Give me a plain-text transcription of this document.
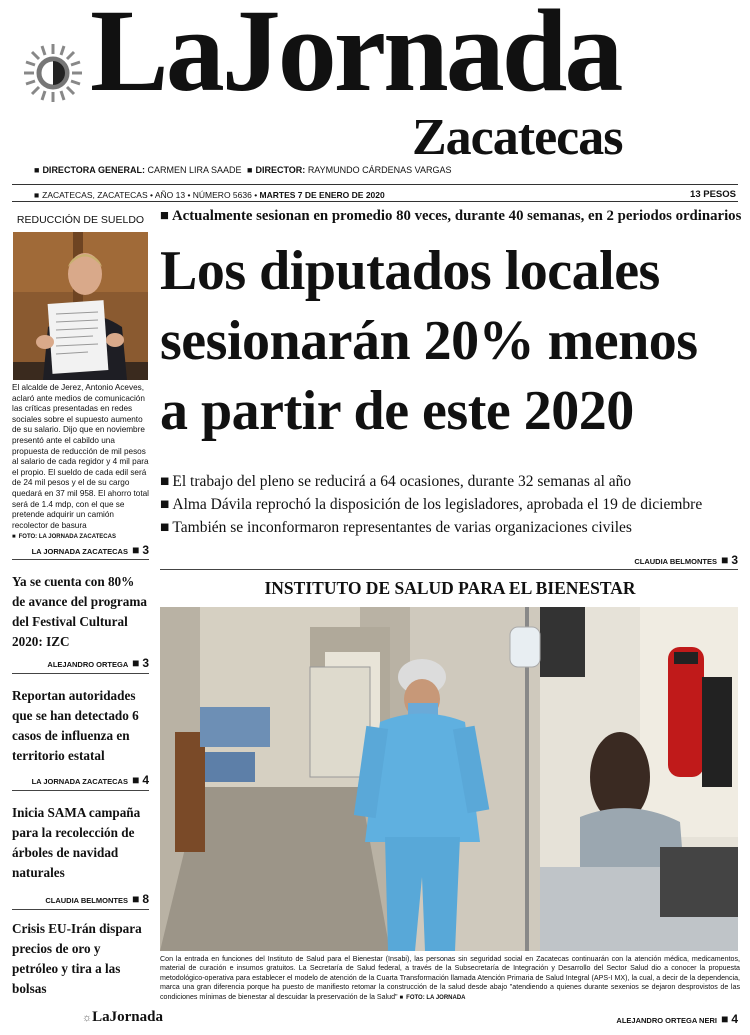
LaJornada
Zacatecas
■ DIRECTORA GENERAL: CARMEN LIRA SAADE ■ DIRECTOR: RAYMUNDO CÁRDENAS VARGAS
■ ZACATECAS, ZACATECAS • AÑO 13 • NÚMERO 5636 • MARTES 7 DE ENERO DE 2020	13 PESOS
REDUCCIÓN DE SUELDO
El alcalde de Jerez, Antonio Aceves, aclaró ante medios de comunicación las críticas presentadas en redes sociales sobre el supuesto aumento de su salario. Dijo que en noviembre presentó ante el cabildo una propuesta de reducción de mil pesos al salario de cada regidor y 4 mil para el propio. El sueldo de cada edil será de 24 mil pesos y el de su cargo quedará en 37 mil 958. El ahorro total será de 1.4 mdp, con el que se pretende adquirir un camión recolector de basura
■ FOTO: LA JORNADA ZACATECAS
LA JORNADA ZACATECAS ■ 3
Ya se cuenta con 80% de avance del programa del Festival Cultural 2020: IZC
ALEJANDRO ORTEGA ■ 3
Reportan autoridades que se han detectado 6 casos de influenza en territorio estatal
LA JORNADA ZACATECAS ■ 4
Inicia SAMA campaña para la recolección de árboles de navidad naturales
CLAUDIA BELMONTES ■ 8
Crisis EU-Irán dispara precios de oro y petróleo y tira a las bolsas
☼LaJornada
■ Actualmente sesionan en promedio 80 veces, durante 40 semanas, en 2 periodos ordinarios
Los diputados locales
sesionarán 20% menos
a partir de este 2020
■ El trabajo del pleno se reducirá a 64 ocasiones, durante 32 semanas al año
■ Alma Dávila reprochó la disposición de los legisladores, aprobada el 19 de diciembre
■ También se inconformaron representantes de varias organizaciones civiles
CLAUDIA BELMONTES ■ 3
INSTITUTO DE SALUD PARA EL BIENESTAR
Con la entrada en funciones del Instituto de Salud para el Bienestar (Insabi), las personas sin seguridad social en Zacatecas continuarán con la atención médica, medicamentos, material de curación e insumos gratuitos. La Secretaría de Salud federal, a través de la Subsecretaría de Integración y Desarrollo del Sector Salud dio a conocer la propuesta metodológico-operativa para establecer el modelo de atención de la Cuarta Transformación llamada Atención Primaria de Salud Integral (APS-I MX), la cual, a decir de la dependencia, marca una gran diferencia porque ha puesto de manifiesto retomar la construcción de la salud desde abajo "atendiendo a quienes durante sexenios se dejaron desprovistos de las condiciones mínimas de bienestar al descuidar la preservación de la Salud" ■ FOTO: LA JORNADA
ALEJANDRO ORTEGA NERI ■ 4
